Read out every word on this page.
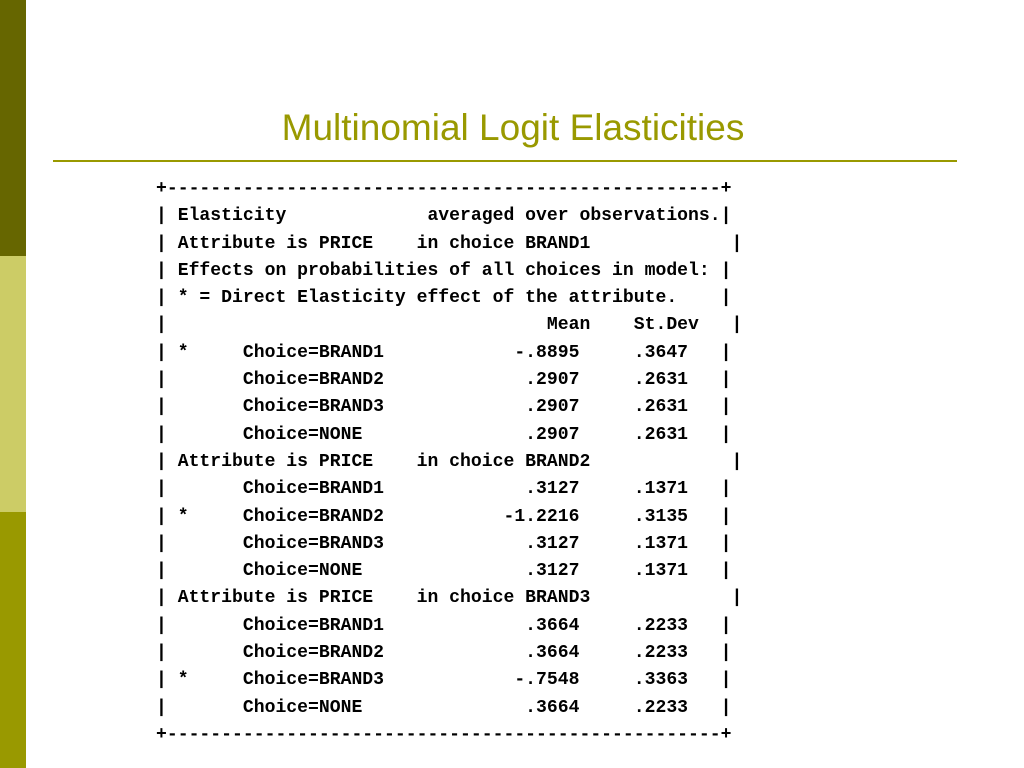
Multinomial Logit Elasticities
+---------------------------------------------------+
| Elasticity             averaged over observations.|
| Attribute is PRICE    in choice BRAND1             |
| Effects on probabilities of all choices in model: |
| * = Direct Elasticity effect of the attribute.    |
|                                   Mean    St.Dev   |
| *     Choice=BRAND1            -.8895     .3647   |
|       Choice=BRAND2             .2907     .2631   |
|       Choice=BRAND3             .2907     .2631   |
|       Choice=NONE               .2907     .2631   |
| Attribute is PRICE    in choice BRAND2             |
|       Choice=BRAND1             .3127     .1371   |
| *     Choice=BRAND2           -1.2216     .3135   |
|       Choice=BRAND3             .3127     .1371   |
|       Choice=NONE               .3127     .1371   |
| Attribute is PRICE    in choice BRAND3             |
|       Choice=BRAND1             .3664     .2233   |
|       Choice=BRAND2             .3664     .2233   |
| *     Choice=BRAND3            -.7548     .3363   |
|       Choice=NONE               .3664     .2233   |
+---------------------------------------------------+
